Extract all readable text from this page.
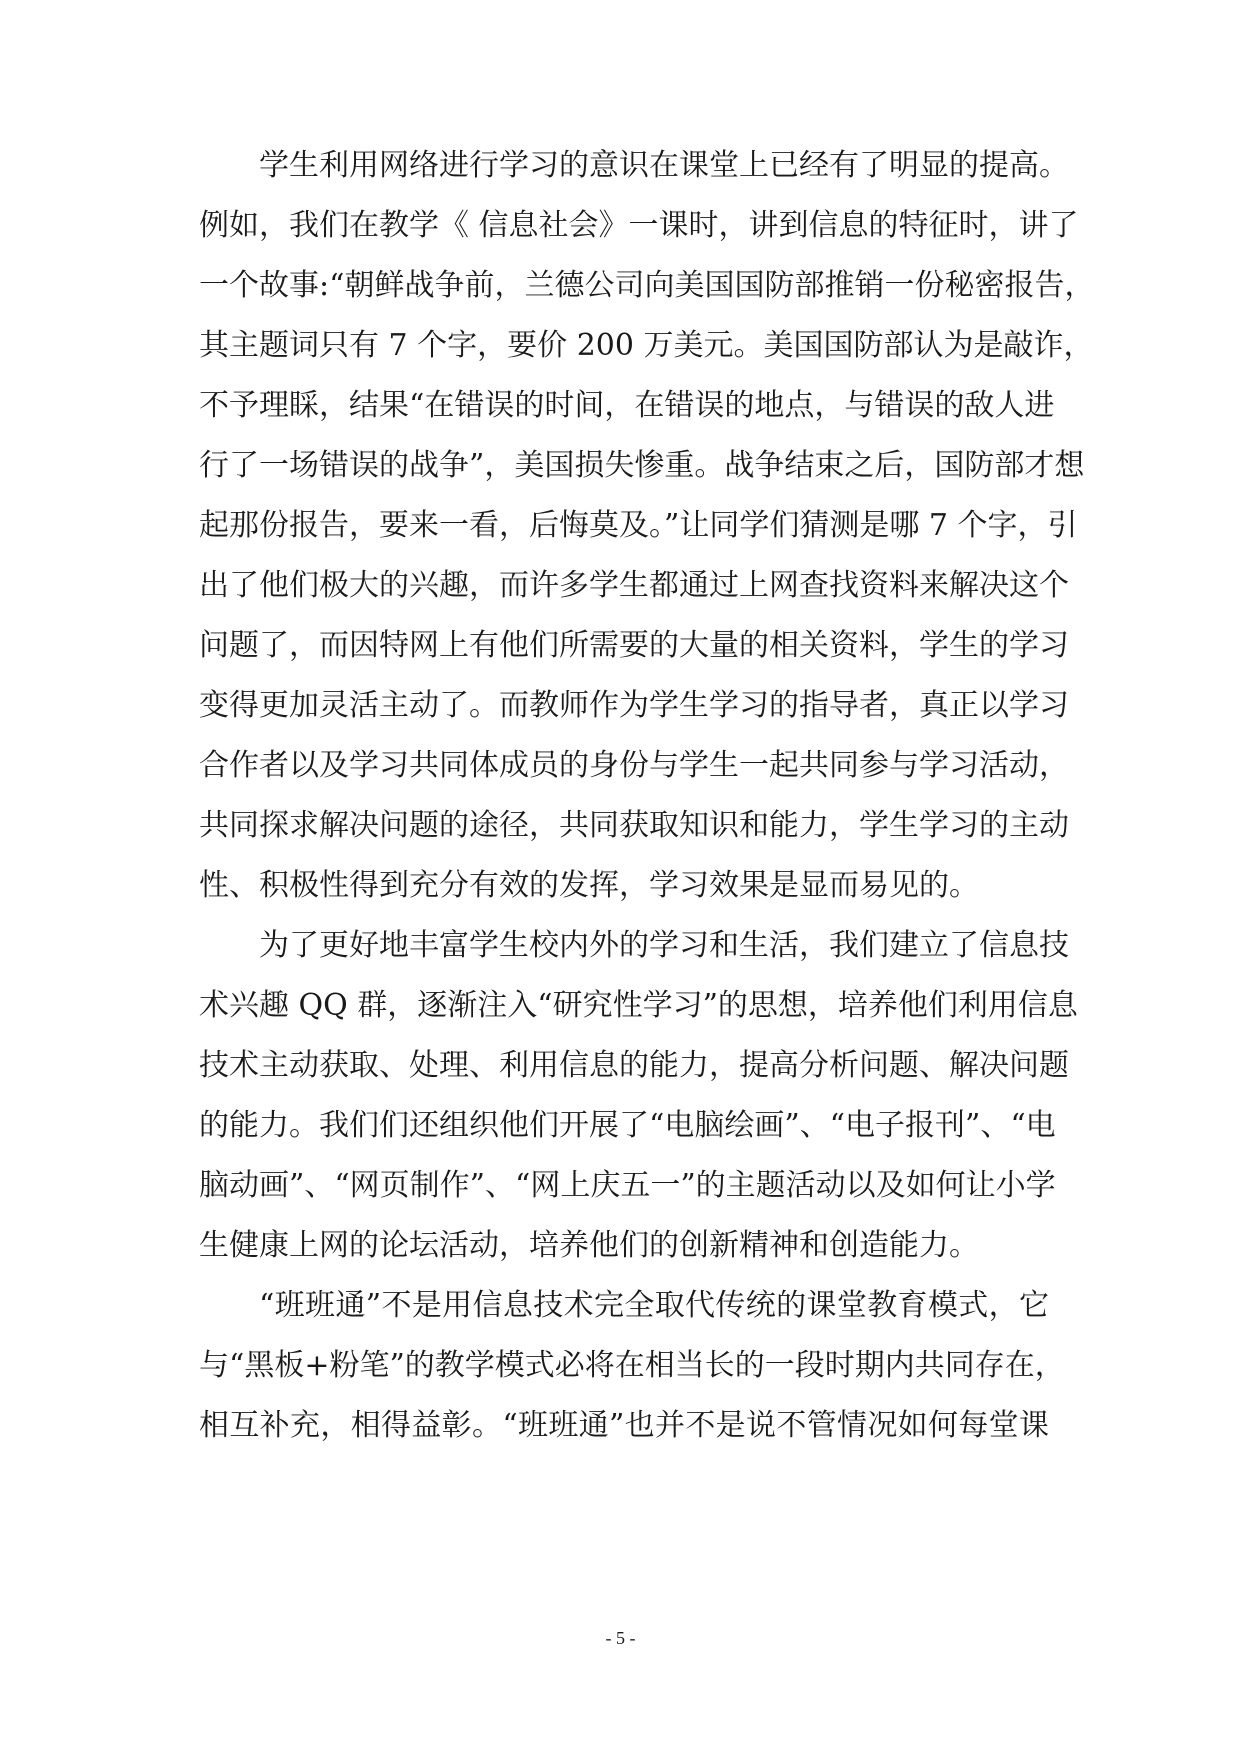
学生利用网络进行学习的意识在课堂上已经有了明显的提高。
例如，我们在教学《 信息社会》一课时，讲到信息的特征时，讲了
一个故事:“朝鲜战争前，兰德公司向美国国防部推销一份秘密报告，
其主题词只有 7 个字，要价 200 万美元。美国国防部认为是敲诈，
不予理睬，结果“在错误的时间，在错误的地点，与错误的敌人进
行了一场错误的战争”，美国损失惨重。战争结束之后，国防部才想
起那份报告，要来一看，后悔莫及。”让同学们猜测是哪 7 个字，引
出了他们极大的兴趣，而许多学生都通过上网查找资料来解决这个
问题了，而因特网上有他们所需要的大量的相关资料，学生的学习
变得更加灵活主动了。而教师作为学生学习的指导者，真正以学习
合作者以及学习共同体成员的身份与学生一起共同参与学习活动，
共同探求解决问题的途径，共同获取知识和能力，学生学习的主动
性、积极性得到充分有效的发挥，学习效果是显而易见的。
为了更好地丰富学生校内外的学习和生活，我们建立了信息技
术兴趣 QQ 群，逐渐注入“研究性学习”的思想，培养他们利用信息
技术主动获取、处理、利用信息的能力，提高分析问题、解决问题
的能力。我们们还组织他们开展了“电脑绘画”、“电子报刊”、“电
脑动画”、“网页制作”、“网上庆五一”的主题活动以及如何让小学
生健康上网的论坛活动，培养他们的创新精神和创造能力。
“班班通”不是用信息技术完全取代传统的课堂教育模式，它
与“黑板+粉笔”的教学模式必将在相当长的一段时期内共同存在，
相互补充，相得益彰。“班班通”也并不是说不管情况如何每堂课
- 5 -
